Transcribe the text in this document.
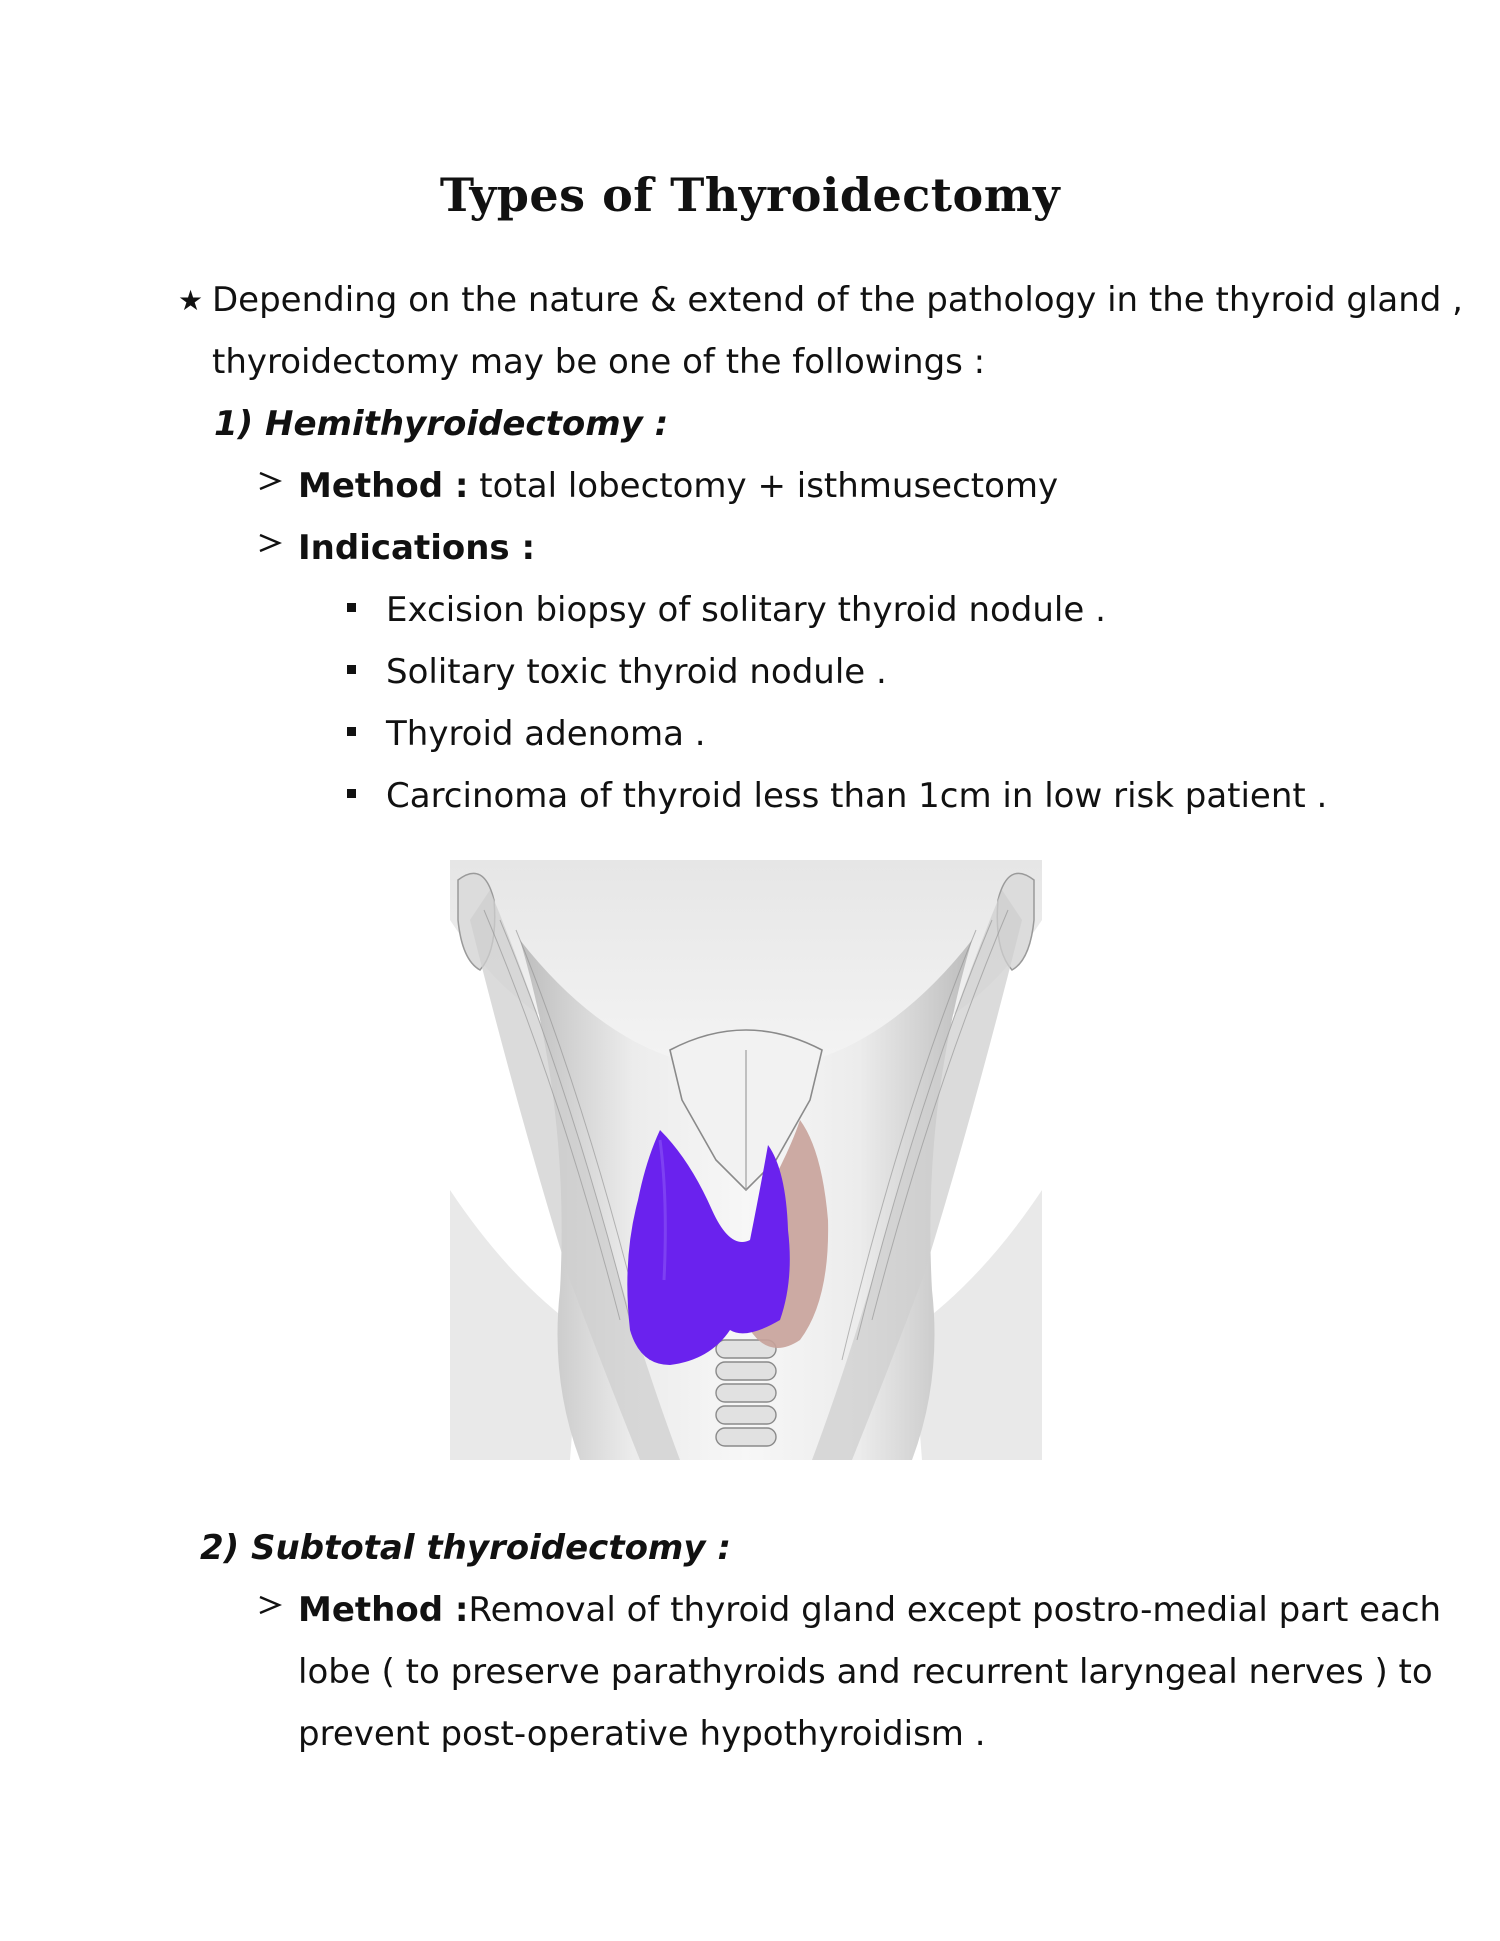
Types of Thyroidectomy
★ Depending on the nature & extend of the pathology in the thyroid gland ,
thyroidectomy may be one of the followings :
1) Hemithyroidectomy :
Method : total lobectomy + isthmusectomy
Indications :
Excision biopsy of solitary thyroid nodule .
Solitary toxic thyroid nodule .
Thyroid adenoma .
Carcinoma of thyroid less than 1cm in low risk patient .
2) Subtotal thyroidectomy :
Method :Removal of thyroid gland except postro-medial part each
lobe ( to preserve parathyroids and recurrent laryngeal nerves ) to
prevent post-operative hypothyroidism .
